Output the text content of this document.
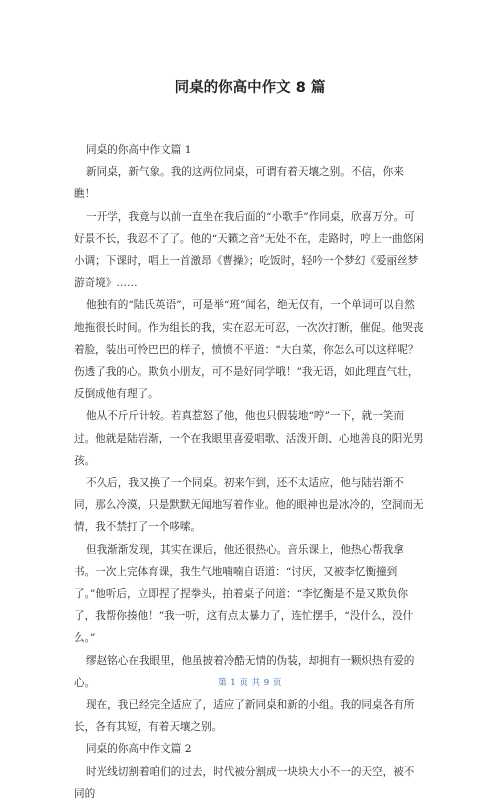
同桌的你高中作文 8 篇

同桌的你高中作文篇 1

新同桌，新气象。我的这两位同桌，可谓有着天壤之别。不信，你来瞧！

一开学，我竟与以前一直坐在我后面的“小歌手”作同桌，欣喜万分。可好景不长，我忍不了了。他的“天籁之音”无处不在，走路时，哼上一曲悠闲小调；下课时，唱上一首激昂《曹操》；吃饭时，轻吟一个梦幻《爱丽丝梦游奇境》……

他独有的“陆氏英语”，可是举“班”闻名，绝无仅有，一个单词可以自然地拖很长时间。作为组长的我，实在忍无可忍，一次次打断，催促。他哭丧着脸，装出可怜巴巴的样子，愤愤不平道：“大白菜，你怎么可以这样呢？伤透了我的心。欺负小朋友，可不是好同学哦！”我无语，如此理直气壮，反倒成他有理了。

他从不斤斤计较。若真惹怒了他，他也只假装地“哼”一下，就一笑而过。他就是陆岩渐，一个在我眼里喜爱唱歌、活泼开朗、心地善良的阳光男孩。

不久后，我又换了一个同桌。初来乍到，还不太适应，他与陆岩渐不同，那么冷漠，只是默默无闻地写着作业。他的眼神也是冰冷的，空洞而无情，我不禁打了一个哆嗦。

但我渐渐发现，其实在课后，他还很热心。音乐课上，他热心帮我拿书。一次上完体育课，我生气地喃喃自语道：“讨厌，又被李忆衡撞到了。”他听后，立即捏了捏拳头，拍着桌子问道：“李忆衡是不是又欺负你了，我帮你揍他！”我一听，这有点太暴力了，连忙摆手，“没什么，没什么。”

缪赵铭心在我眼里，他虽披着冷酷无情的伪装，却拥有一颗炽热有爱的心。

现在，我已经完全适应了，适应了新同桌和新的小组。我的同桌各有所长，各有其短，有着天壤之别。

同桌的你高中作文篇 2

时光线切割着咱们的过去，时代被分割成一块块大小不一的天空，被不同的

第 1 页 共 9 页
